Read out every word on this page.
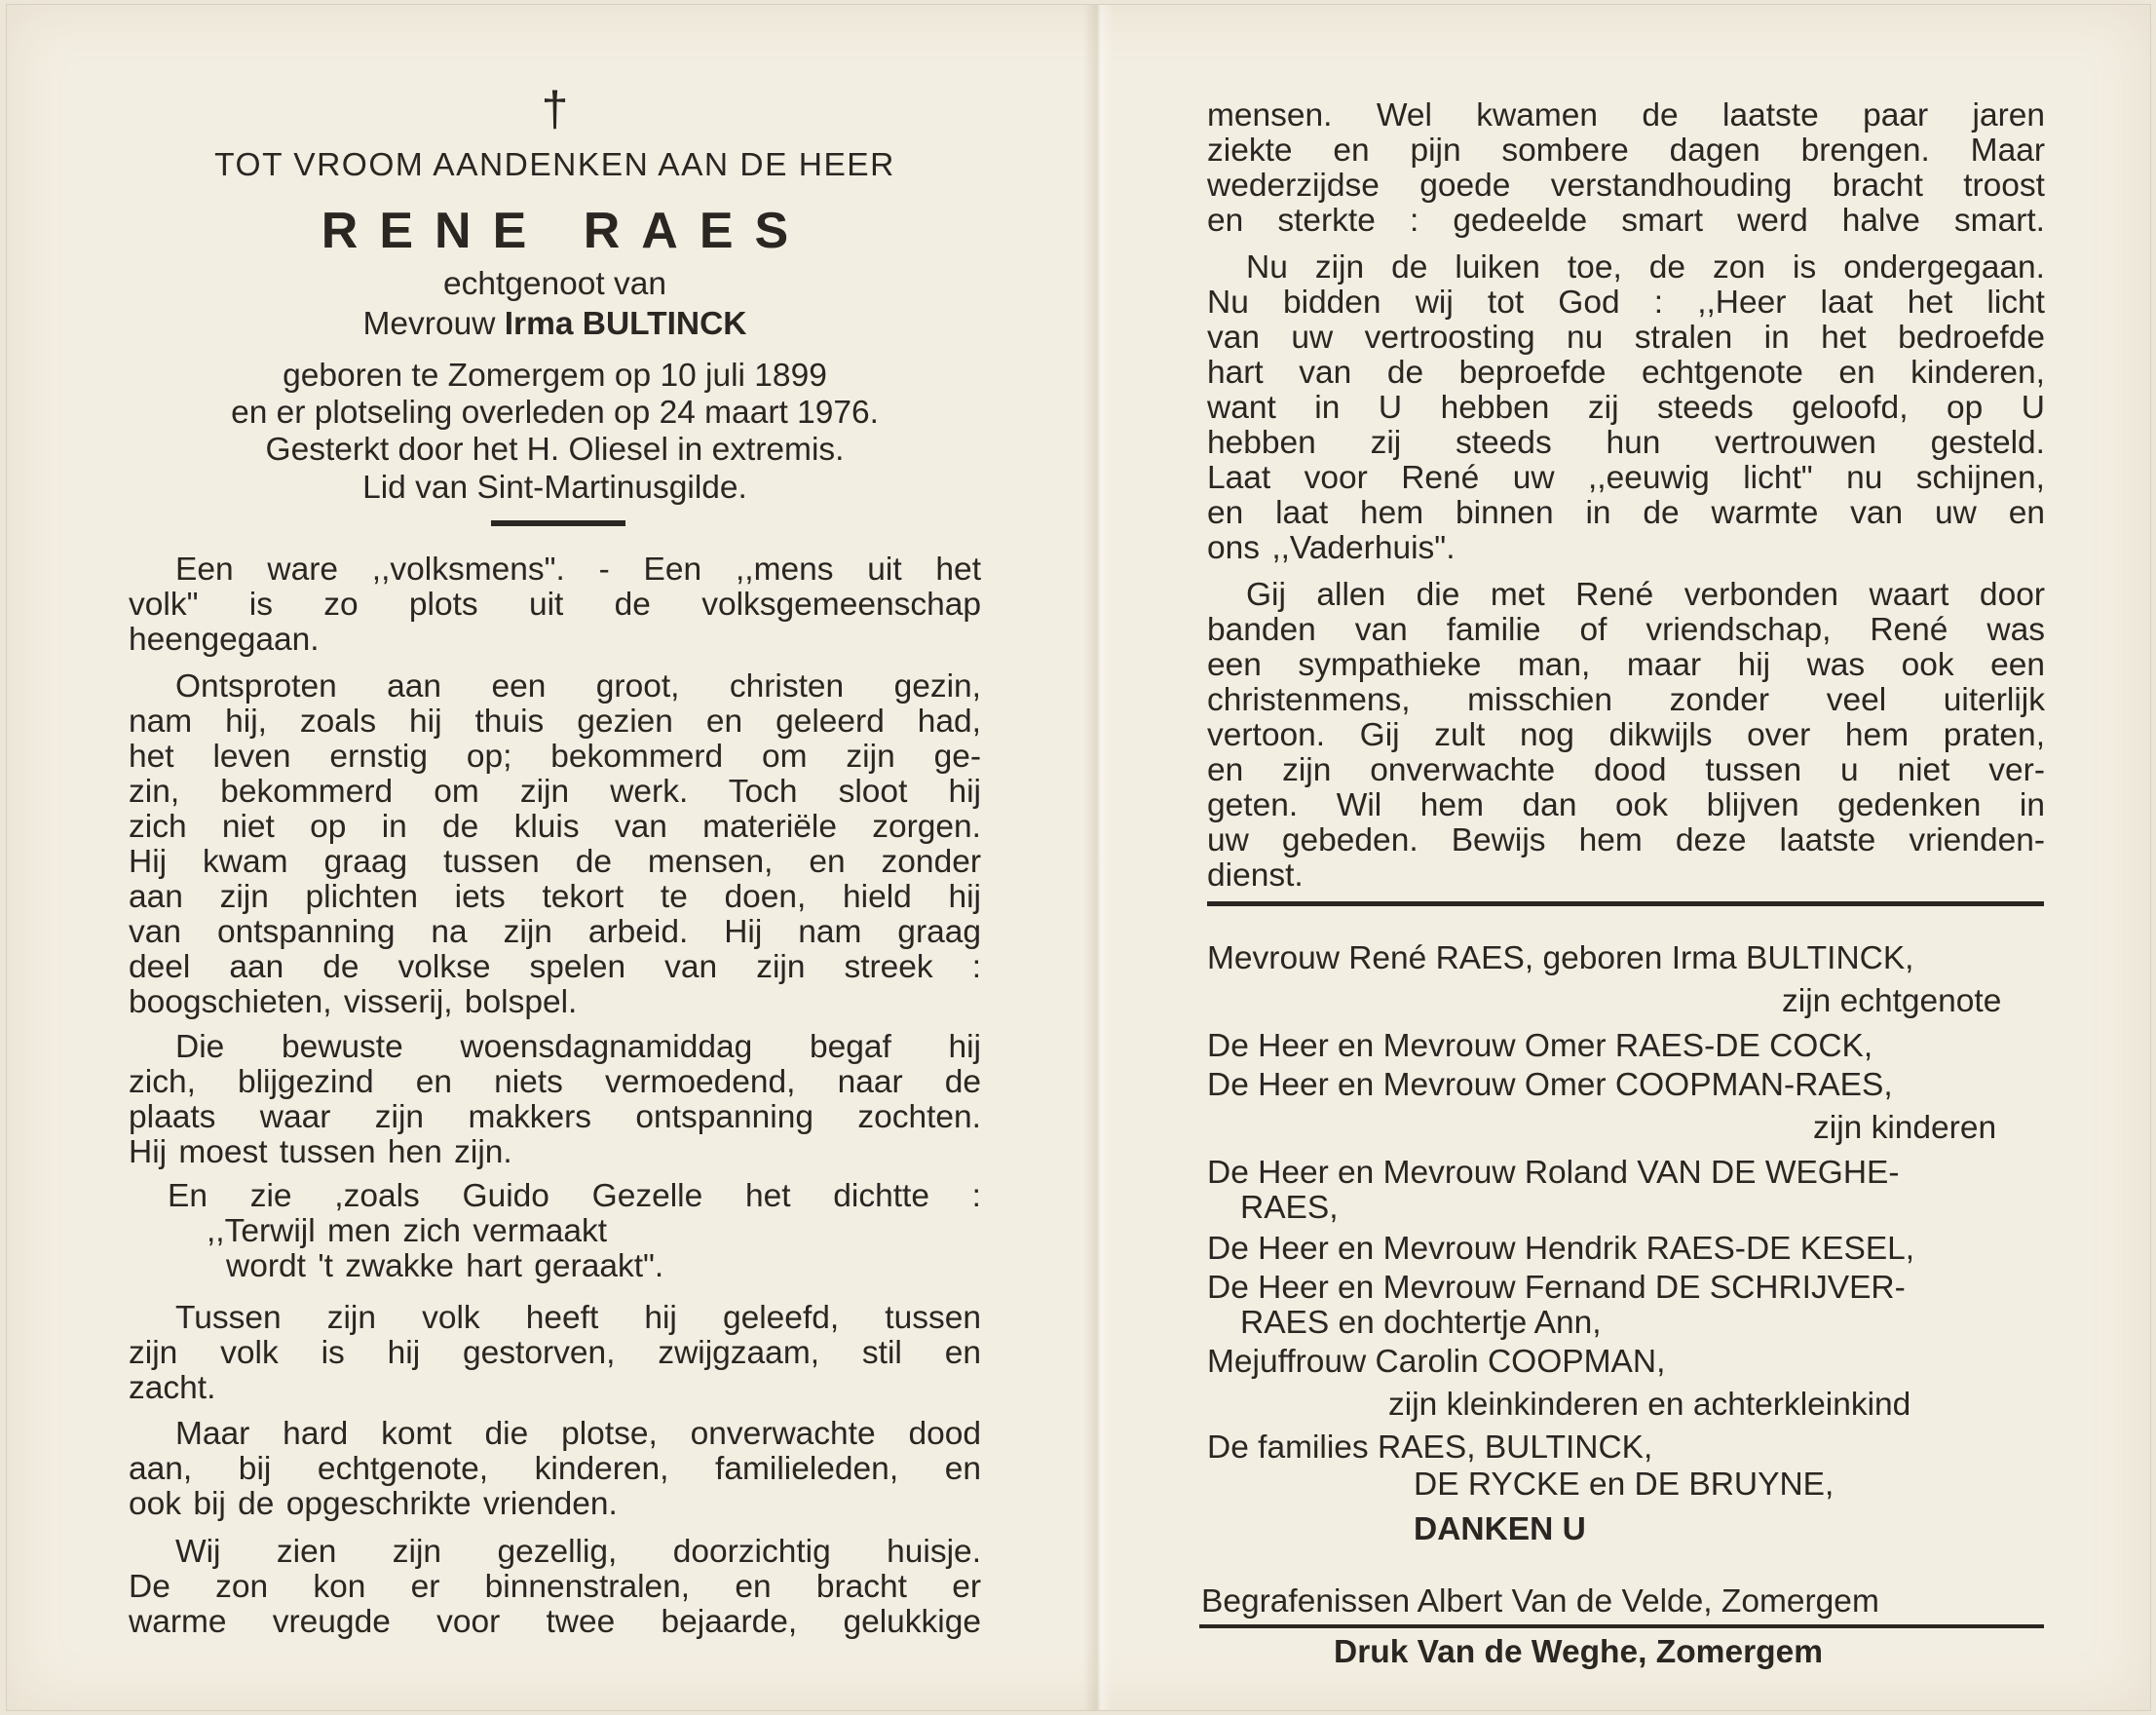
†
TOT VROOM AANDENKEN AAN DE HEER
RENE RAES
echtgenoot van
Mevrouw Irma BULTINCK
geboren te Zomergem op 10 juli 1899
en er plotseling overleden op 24 maart 1976.
Gesterkt door het H. Oliesel in extremis.
Lid van Sint-Martinusgilde.
Een ware ,,volksmens". - Een ,,mens uit het
volk" is zo plots uit de volksgemeenschap
heengegaan.
Ontsproten aan een groot, christen gezin,
nam hij, zoals hij thuis gezien en geleerd had,
het leven ernstig op; bekommerd om zijn ge-
zin, bekommerd om zijn werk. Toch sloot hij
zich niet op in de kluis van materiële zorgen.
Hij kwam graag tussen de mensen, en zonder
aan zijn plichten iets tekort te doen, hield hij
van ontspanning na zijn arbeid. Hij nam graag
deel aan de volkse spelen van zijn streek :
boogschieten, visserij, bolspel.
Die bewuste woensdagnamiddag begaf hij
zich, blijgezind en niets vermoedend, naar de
plaats waar zijn makkers ontspanning zochten.
Hij moest tussen hen zijn.
En zie ,zoals Guido Gezelle het dichtte :
,,Terwijl men zich vermaakt
wordt 't zwakke hart geraakt".
Tussen zijn volk heeft hij geleefd, tussen
zijn volk is hij gestorven, zwijgzaam, stil en
zacht.
Maar hard komt die plotse, onverwachte dood
aan, bij echtgenote, kinderen, familieleden, en
ook bij de opgeschrikte vrienden.
Wij zien zijn gezellig, doorzichtig huisje.
De zon kon er binnenstralen, en bracht er
warme vreugde voor twee bejaarde, gelukkige
mensen. Wel kwamen de laatste paar jaren
ziekte en pijn sombere dagen brengen. Maar
wederzijdse goede verstandhouding bracht troost
en sterkte : gedeelde smart werd halve smart.
Nu zijn de luiken toe, de zon is ondergegaan.
Nu bidden wij tot God : ,,Heer laat het licht
van uw vertroosting nu stralen in het bedroefde
hart van de beproefde echtgenote en kinderen,
want in U hebben zij steeds geloofd, op U
hebben zij steeds hun vertrouwen gesteld.
Laat voor René uw ,,eeuwig licht" nu schijnen,
en laat hem binnen in de warmte van uw en
ons ,,Vaderhuis".
Gij allen die met René verbonden waart door
banden van familie of vriendschap, René was
een sympathieke man, maar hij was ook een
christenmens, misschien zonder veel uiterlijk
vertoon. Gij zult nog dikwijls over hem praten,
en zijn onverwachte dood tussen u niet ver-
geten. Wil hem dan ook blijven gedenken in
uw gebeden. Bewijs hem deze laatste vrienden-
dienst.
Mevrouw René RAES, geboren Irma BULTINCK,
zijn echtgenote
De Heer en Mevrouw Omer RAES-DE COCK,
De Heer en Mevrouw Omer COOPMAN-RAES,
zijn kinderen
De Heer en Mevrouw Roland VAN DE WEGHE-
RAES,
De Heer en Mevrouw Hendrik RAES-DE KESEL,
De Heer en Mevrouw Fernand DE SCHRIJVER-
RAES en dochtertje Ann,
Mejuffrouw Carolin COOPMAN,
zijn kleinkinderen en achterkleinkind
De families RAES, BULTINCK,
DE RYCKE en DE BRUYNE,
DANKEN U
Begrafenissen Albert Van de Velde, Zomergem
Druk Van de Weghe, Zomergem
